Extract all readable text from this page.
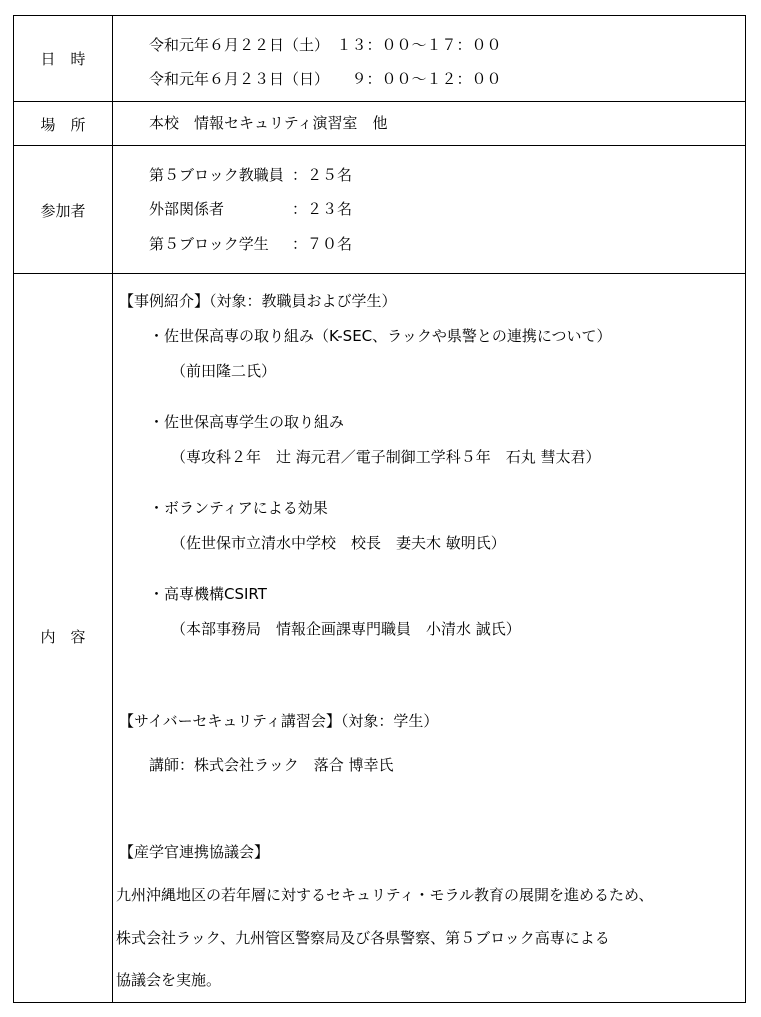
日　時
令和元年６月２２日（土）　１３：００～１７：００
令和元年６月２３日（日）　　９：００～１２：００
場　所	本校　情報セキュリティ演習室　他
参加者
第５ブロック教職員 ：２５名
外部関係者	：２３名
第５ブロック学生 ：７０名
内　容
【事例紹介】（対象：教職員および学生）
・佐世保高専の取り組み（K-SEC、ラックや県警との連携について）
（前田隆二氏）
・佐世保高専学生の取り組み
（専攻科２年　辻 海元君／電子制御工学科５年　石丸 彗太君）
・ボランティアによる効果
（佐世保市立清水中学校　校長　妻夫木 敏明氏）
・高専機構CSIRT
（本部事務局　情報企画課専門職員　小清水 誠氏）
【サイバーセキュリティ講習会】（対象：学生）
講師：株式会社ラック　落合 博幸氏
【産学官連携協議会】
九州沖縄地区の若年層に対するセキュリティ・モラル教育の展開を進めるため、
株式会社ラック、九州管区警察局及び各県警察、第５ブロック高専による
協議会を実施。
